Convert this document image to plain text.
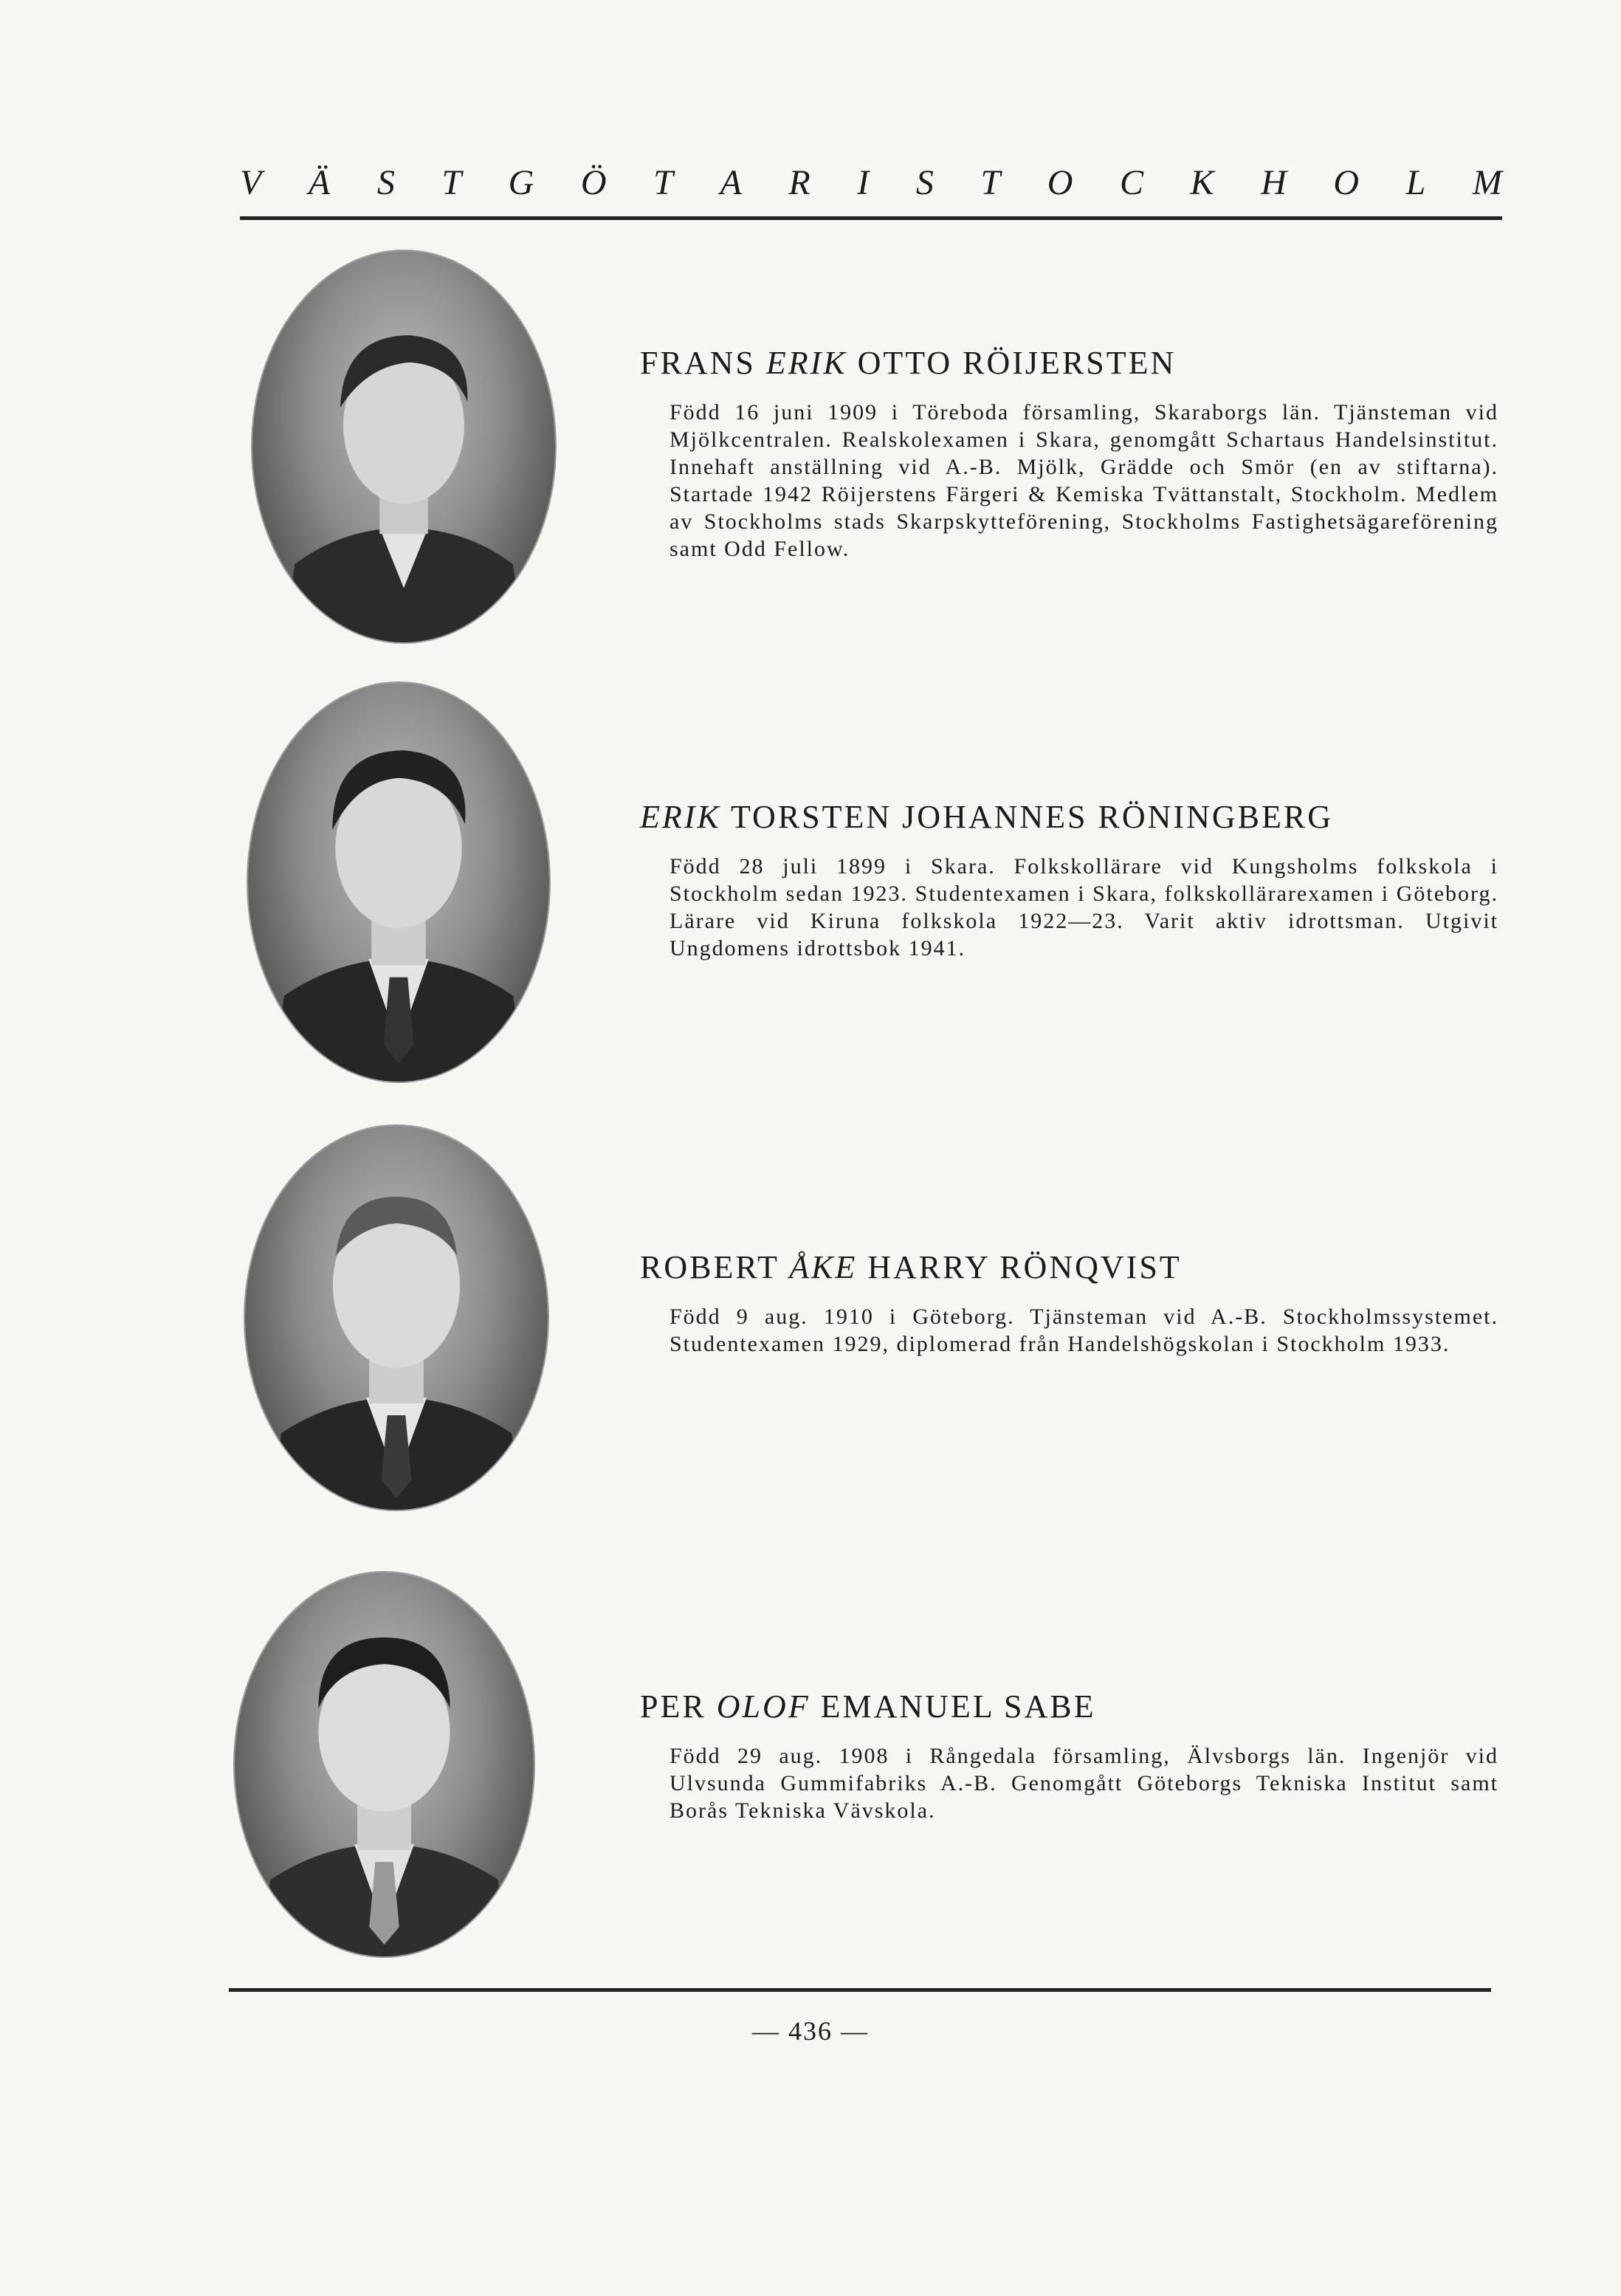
V Ä S T G Ö T A R I S T O C K H O L M

FRANS ERIK OTTO RÖIJERSTEN

Född 16 juni 1909 i Töreboda församling, Skaraborgs län. Tjänsteman vid Mjölkcentralen. Realskolexamen i Skara, genomgått Schartaus Handelsinstitut. Innehaft anställning vid A.-B. Mjölk, Grädde och Smör (en av stiftarna). Startade 1942 Röijerstens Färgeri & Kemiska Tvättanstalt, Stockholm. Medlem av Stockholms stads Skarpskytteförening, Stockholms Fastighetsägareförening samt Odd Fellow.

ERIK TORSTEN JOHANNES RÖNINGBERG

Född 28 juli 1899 i Skara. Folkskollärare vid Kungsholms folkskola i Stockholm sedan 1923. Studentexamen i Skara, folkskollärarexamen i Göteborg. Lärare vid Kiruna folkskola 1922—23. Varit aktiv idrottsman. Utgivit Ungdomens idrottsbok 1941.

ROBERT ÅKE HARRY RÖNQVIST

Född 9 aug. 1910 i Göteborg. Tjänsteman vid A.-B. Stockholmssystemet. Studentexamen 1929, diplomerad från Handelshögskolan i Stockholm 1933.

PER OLOF EMANUEL SABE

Född 29 aug. 1908 i Rångedala församling, Älvsborgs län. Ingenjör vid Ulvsunda Gummifabriks A.-B. Genomgått Göteborgs Tekniska Institut samt Borås Tekniska Vävskola.

— 436 —
